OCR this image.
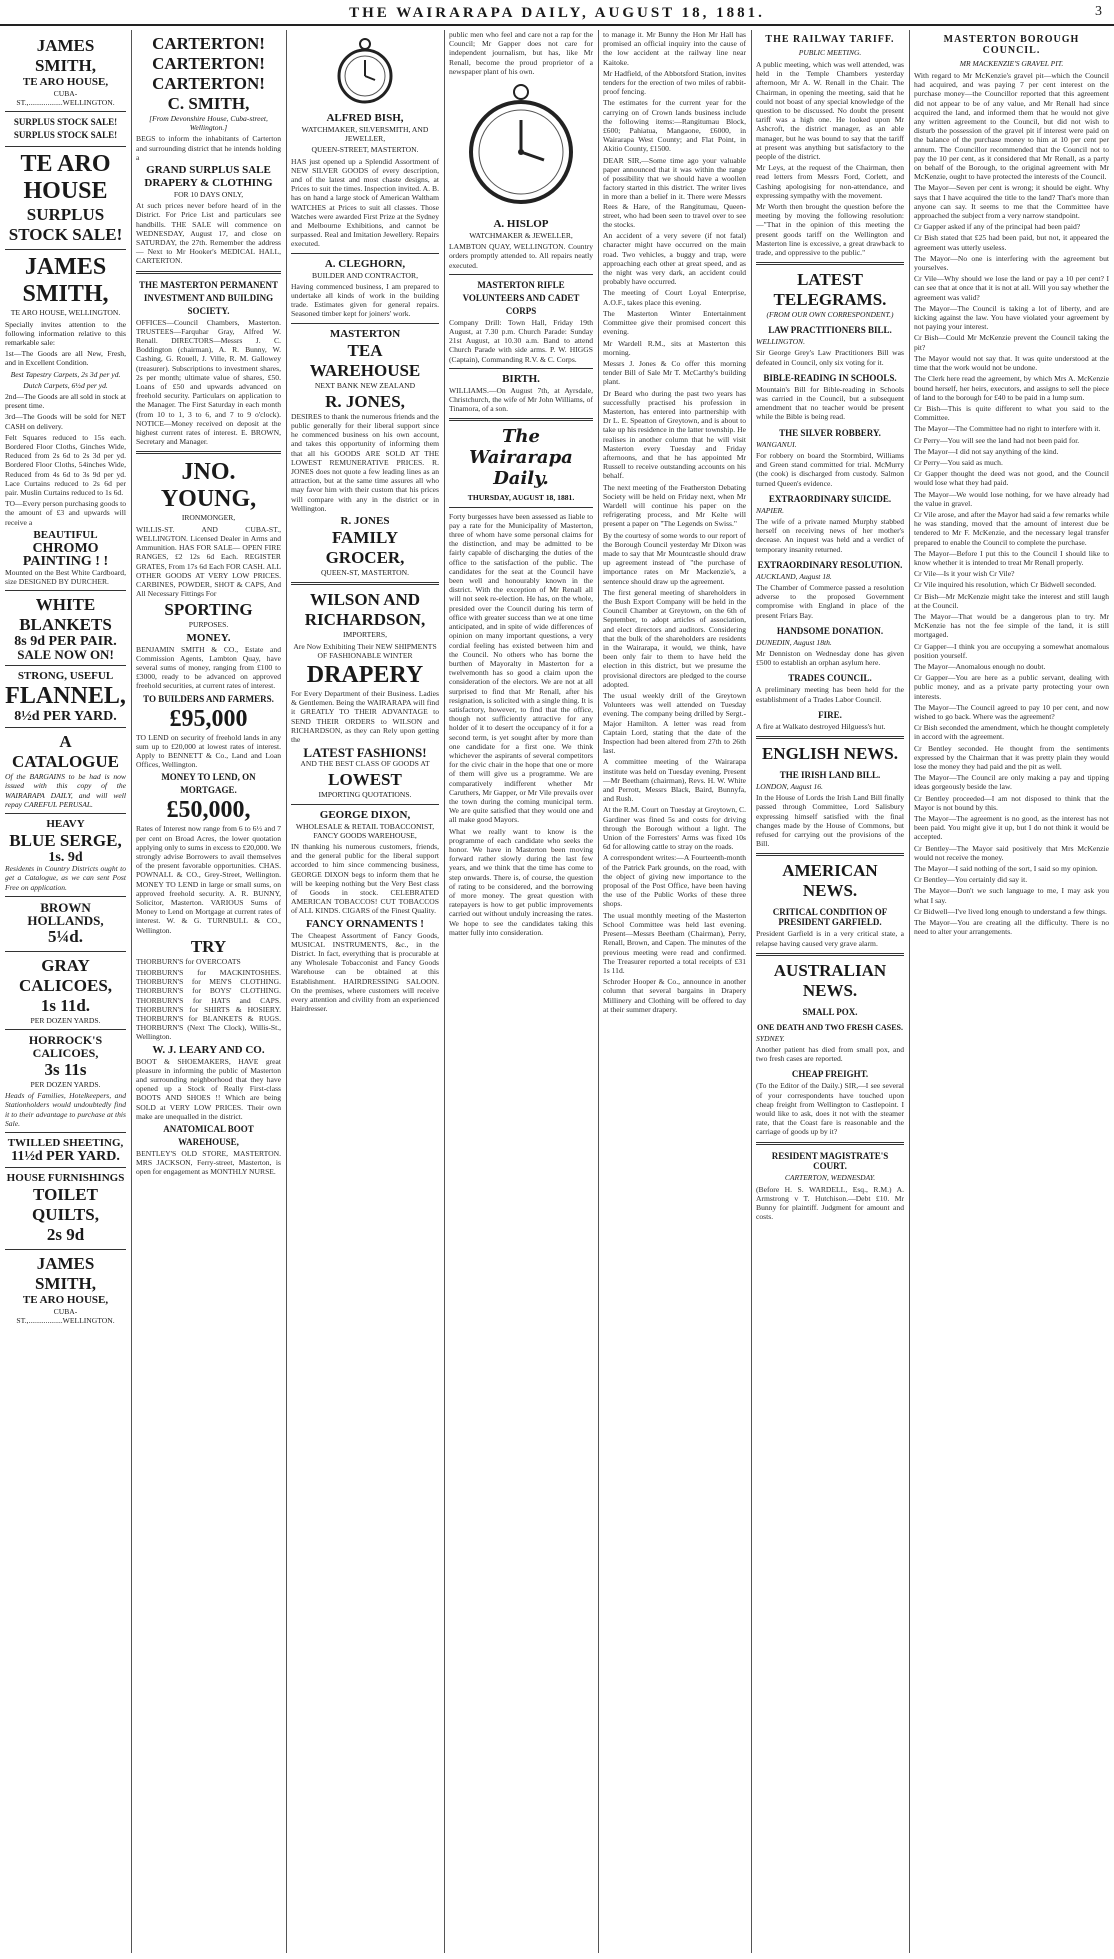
THE WAIRARAPA DAILY, AUGUST 18, 1881.	3
JAMES SMITH,
TE ARO HOUSE,

CUBA-ST.,..................WELLINGTON.

SURPLUS STOCK SALE! SURPLUS STOCK SALE!
TE ARO HOUSE
SURPLUS STOCK SALE!
JAMES SMITH,

TE ARO HOUSE, WELLINGTON.

Specially invites attention to the following information relative to this remarkable sale:

1st—The Goods are all New, Fresh, and in Excellent Condition.

Best Tapestry Carpets, 2s 3d per yd.

Dutch Carpets, 6½d per yd.

2nd—The Goods are all sold in stock at present time.

3rd—The Goods will be sold for NET CASH on delivery.

Felt Squares reduced to 15s each. Bordered Floor Cloths, Ginches Wide, Reduced from 2s 6d to 2s 3d per yd. Bordered Floor Cloths, 54inches Wide, Reduced from 4s 6d to 3s 9d per yd. Lace Curtains reduced to 2s 6d per pair. Muslin Curtains reduced to 1s 6d.

TO—Every person purchasing goods to the amount of £3 and upwards will receive a

BEAUTIFUL
CHROMO PAINTING ! !

Mounted on the Best White Cardboard, size DESIGNED BY DURCHER.

WHITE BLANKETS
8s 9d PER PAIR.
SALE NOW ON!
STRONG, USEFUL
FLANNEL,
8½d PER YARD.
A CATALOGUE

Of the BARGAINS to be had is now issued with this copy of the WAIRARAPA DAILY, and will well repay CAREFUL PERUSAL.

HEAVY
BLUE SERGE,
1s. 9d

Residents in Country Districts ought to get a Catalogue, as we can sent Post Free on application.

BROWN HOLLANDS,
5¼d.
GRAY CALICOES,
1s 11d.

PER DOZEN YARDS.

HORROCK'S CALICOES,
3s 11s

PER DOZEN YARDS.

Heads of Families, Hotelkeepers, and Stationholders would undoubtedly find it to their advantage to purchase at this Sale.

TWILLED SHEETING,
11½d PER YARD.
HOUSE FURNISHINGS
TOILET QUILTS,
2s 9d
JAMES SMITH,
TE ARO HOUSE,

CUBA-ST.,..................WELLINGTON.

CARTERTON!
CARTERTON! CARTERTON!
C. SMITH,

[From Devonshire House, Cuba-street, Wellington.]

BEGS to inform the inhabitants of Carterton and surrounding district that he intends holding a

GRAND SURPLUS SALE
DRAPERY & CLOTHING

FOR 10 DAYS ONLY,

At such prices never before heard of in the District. For Price List and particulars see handbills. THE SALE will commence on WEDNESDAY, August 17, and close on SATURDAY, the 27th. Remember the address— Next to Mr Hooker's MEDICAL HALL, CARTERTON.

THE MASTERTON PERMANENT INVESTMENT AND BUILDING SOCIETY.

OFFICES—Council Chambers, Masterton. TRUSTEES—Farquhar Gray, Alfred W. Renall. DIRECTORS—Messrs J. C. Boddington (chairman), A. R. Bunny, W. Cashing, G. Rouell, J. Ville, R. M. Gallowey (treasurer). Subscriptions to investment shares, 2s per month; ultimate value of shares, £50. Loans of £50 and upwards advanced on freehold security. Particulars on application to the Manager. The First Saturday in each month (from 10 to 1, 3 to 6, and 7 to 9 o'clock). NOTICE—Money received on deposit at the highest current rates of interest. E. BROWN, Secretary and Manager.

JNO. YOUNG,

IRONMONGER,

WILLIS-ST. AND CUBA-ST., WELLINGTON. Licensed Dealer in Arms and Ammunition. HAS FOR SALE— OPEN FIRE RANGES, £2 12s 6d Each. REGISTER GRATES, From 17s 6d Each FOR CASH. ALL OTHER GOODS AT VERY LOW PRICES. CARBINES, POWDER, SHOT & CAPS, And All Necessary Fittings For

SPORTING

PURPOSES.

MONEY.

BENJAMIN SMITH & CO., Estate and Commission Agents, Lambton Quay, have several sums of money, ranging from £100 to £3000, ready to be advanced on approved freehold securities, at current rates of interest.

TO BUILDERS AND FARMERS.
£95,000

TO LEND on security of freehold lands in any sum up to £20,000 at lowest rates of interest. Apply to BENNETT & Co., Land and Loan Offices, Wellington.

MONEY TO LEND, ON MORTGAGE.
£50,000,

Rates of Interest now range from 6 to 6½ and 7 per cent on Broad Acres, the lower quotation applying only to sums in excess to £20,000. We strongly advise Borrowers to avail themselves of the present favorable opportunities. CHAS. POWNALL & CO., Grey-Street, Wellington. MONEY TO LEND in large or small sums, on approved freehold security. A. R. BUNNY, Solicitor, Masterton. VARIOUS Sums of Money to Lend on Mortgage at current rates of interest. W. & G. TURNBULL & CO., Wellington.

TRY

THORBURN'S for OVERCOATS

THORBURN'S for MACKINTOSHES. THORBURN'S for MEN'S CLOTHING. THORBURN'S for BOYS' CLOTHING. THORBURN'S for HATS and CAPS. THORBURN'S for SHIRTS & HOSIERY. THORBURN'S for BLANKETS & RUGS. THORBURN'S (Next The Clock), Willis-St., Wellington.

W. J. LEARY AND CO.

BOOT & SHOEMAKERS, HAVE great pleasure in informing the public of Masterton and surrounding neighborhood that they have opened up a Stock of Really First-class BOOTS AND SHOES !! Which are being SOLD at VERY LOW PRICES. Their own make are unequalled in the district.

ANATOMICAL BOOT WAREHOUSE,

BENTLEY'S OLD STORE, MASTERTON. MRS JACKSON, Ferry-street, Masterton, is open for engagement as MONTHLY NURSE.

ALFRED BISH,

WATCHMAKER, SILVERSMITH, AND JEWELLER,

QUEEN-STREET, MASTERTON.

HAS just opened up a Splendid Assortment of NEW SILVER GOODS of every description, and of the latest and most chaste designs, at Prices to suit the times. Inspection invited. A. B. has on hand a large stock of American Waltham WATCHES at Prices to suit all classes. Those Watches were awarded First Prize at the Sydney and Melbourne Exhibitions, and cannot be surpassed. Real and Imitation Jewellery. Repairs executed.

A. CLEGHORN,

BUILDER AND CONTRACTOR,

Having commenced business, I am prepared to undertake all kinds of work in the building trade. Estimates given for general repairs. Seasoned timber kept for joiners' work.

MASTERTON
TEA WAREHOUSE

NEXT BANK NEW ZEALAND

R. JONES,

DESIRES to thank the numerous friends and the public generally for their liberal support since he commenced business on his own account, and takes this opportunity of informing them that all his GOODS ARE SOLD AT THE LOWEST REMUNERATIVE PRICES. R. JONES does not quote a few leading lines as an attraction, but at the same time assures all who may favor him with their custom that his prices will compare with any in the district or in Wellington.

R. JONES
FAMILY GROCER,

QUEEN-ST, MASTERTON.

WILSON AND RICHARDSON,

IMPORTERS,

Are Now Exhibiting Their NEW SHIPMENTS OF FASHIONABLE WINTER

DRAPERY

For Every Department of their Business. Ladies & Gentlemen. Being the WAIRARAPA will find it GREATLY TO THEIR ADVANTAGE to SEND THEIR ORDERS to WILSON and RICHARDSON, as they can Rely upon getting the

LATEST FASHIONS!

AND THE BEST CLASS OF GOODS AT

LOWEST

IMPORTING QUOTATIONS.

GEORGE DIXON,

WHOLESALE & RETAIL TOBACCONIST, FANCY GOODS WAREHOUSE,

IN thanking his numerous customers, friends, and the general public for the liberal support accorded to him since commencing business, GEORGE DIXON begs to inform them that he will be keeping nothing but the Very Best class of Goods in stock. CELEBRATED AMERICAN TOBACCOS! CUT TOBACCOS of ALL KINDS. CIGARS of the Finest Quality.

FANCY ORNAMENTS !

The Cheapest Assortment of Fancy Goods, MUSICAL INSTRUMENTS, &c., in the District. In fact, everything that is procurable at any Wholesale Tobacconist and Fancy Goods Warehouse can be obtained at this Establishment. HAIRDRESSING SALOON. On the premises, where customers will receive every attention and civility from an experienced Hairdresser.

public men who feel and care not a rap for the Council; Mr Gapper does not care for independent journalism, but has, like Mr Renall, become the proud proprietor of a newspaper plant of his own.

A. HISLOP

WATCHMAKER & JEWELLER,

LAMBTON QUAY, WELLINGTON. Country orders promptly attended to. All repairs neatly executed.

MASTERTON RIFLE VOLUNTEERS AND CADET CORPS

Company Drill: Town Hall, Friday 19th August, at 7.30 p.m. Church Parade: Sunday 21st August, at 10.30 a.m. Band to attend Church Parade with side arms. P. W. HIGGS (Captain), Commanding R.V. & C. Corps.

BIRTH.

WILLIAMS.—On August 7th, at Ayrsdale, Christchurch, the wife of Mr John Williams, of Tinamora, of a son.

The Wairarapa Daily.

THURSDAY, AUGUST 18, 1881.

Forty burgesses have been assessed as liable to pay a rate for the Municipality of Masterton, three of whom have some personal claims for the distinction, and may be admitted to be fairly capable of discharging the duties of the office to the satisfaction of the public. The candidates for the seat at the Council have been well and honourably known in the district. With the exception of Mr Renall all will not seek re-election. He has, on the whole, presided over the Council during his term of office with greater success than we at one time anticipated, and in spite of wide differences of opinion on many important questions, a very cordial feeling has existed between him and the Council. No others who has borne the burthen of Mayoralty in Masterton for a twelvemonth has so good a claim upon the consideration of the electors. We are not at all surprised to find that Mr Renall, after his resignation, is solicited with a single thing. It is satisfactory, however, to find that the office, though not sufficiently attractive for any holder of it to desert the occupancy of it for a second term, is yet sought after by more than one candidate for a first one. We think whichever the aspirants of several competitors for the civic chair in the hope that one or more of them will give us a programme. We are comparatively indifferent whether Mr Caruthers, Mr Gapper, or Mr Vile prevails over the town during the coming municipal term. We are quite satisfied that they would one and all make good Mayors.

What we really want to know is the programme of each candidate who seeks the honor. We have in Masterton been moving forward rather slowly during the last few years, and we think that the time has come to step onwards. There is, of course, the question of rating to be considered, and the borrowing of more money. The great question with ratepayers is how to get public improvements carried out without unduly increasing the rates. We hope to see the candidates taking this matter fully into consideration.

to manage it. Mr Bunny the Hon Mr Hall has promised an official inquiry into the cause of the low accident at the railway line near Kaitoke.

Mr Hadfield, of the Abbotsford Station, invites tenders for the erection of two miles of rabbit-proof fencing.

The estimates for the current year for the carrying on of Crown lands business include the following items:—Rangitumau Block, £600; Pahiatua, Mangaone, £6000, in Wairarapa West County; and Flat Point, in Akitio County, £1500.

DEAR SIR,—Some time ago your valuable paper announced that it was within the range of possibility that we should have a woollen factory started in this district. The writer lives in more than a belief in it. There were Messrs Rees & Hare, of the Rangitumau, Queen-street, who had been seen to travel over to see the stocks.

An accident of a very severe (if not fatal) character might have occurred on the main road. Two vehicles, a buggy and trap, were approaching each other at great speed, and as the night was very dark, an accident could probably have occurred.

The meeting of Court Loyal Enterprise, A.O.F., takes place this evening.

The Masterton Winter Entertainment Committee give their promised concert this evening.

Mr Wardell R.M., sits at Masterton this morning.

Messrs J. Jones & Co offer this morning tender Bill of Sale Mr T. McCarthy's building plant.

Dr Beard who during the past two years has successfully practised his profession in Masterton, has entered into partnership with Dr L. E. Speatton of Greytown, and is about to take up his residence in the latter township. He realises in another column that he will visit Masterton every Tuesday and Friday afternoons, and that he has appointed Mr Russell to receive outstanding accounts on his behalf.

The next meeting of the Featherston Debating Society will be held on Friday next, when Mr Wardell will continue his paper on the refrigerating process, and Mr Kelte will present a paper on "The Legends on Swiss."

By the courtesy of some words to our report of the Borough Council yesterday Mr Dixon was made to say that Mr Mountcastle should draw up agreement instead of "the purchase of importance rates on Mr Mackenzie's, a sentence should draw up the agreement.

The first general meeting of shareholders in the Bush Export Company will be held in the Council Chamber at Greytown, on the 6th of September, to adopt articles of association, and elect directors and auditors. Considering that the bulk of the shareholders are residents in the Wairarapa, it would, we think, have been only fair to them to have held the election in this district, but we presume the provisional directors are pledged to the course adopted.

The usual weekly drill of the Greytown Volunteers was well attended on Tuesday evening. The company being drilled by Sergt.-Major Hamilton. A letter was read from Captain Lord, stating that the date of the Inspection had been altered from 27th to 26th last.

A committee meeting of the Wairarapa institute was held on Tuesday evening. Present—Mr Beetham (chairman), Revs. H. W. White and Perrott, Messrs Black, Baird, Bunnyfa, and Rush.

At the R.M. Court on Tuesday at Greytown, C. Gardiner was fined 5s and costs for driving through the Borough without a light. The Union of the Forresters' Arms was fixed 10s 6d for allowing cattle to stray on the roads.

A correspondent writes:—A Fourteenth-month of the Patrick Park grounds, on the road, with the object of giving new importance to the proposal of the Post Office, have been having the use of the Public Works of these three shops.

The usual monthly meeting of the Masterton School Committee was held last evening. Present—Messrs Beetham (Chairman), Perry, Renall, Brown, and Capen. The minutes of the previous meeting were read and confirmed. The Treasurer reported a total receipts of £31 1s 11d.

Schroder Hooper & Co., announce in another column that several bargains in Drapery Millinery and Clothing will be offered to day at their summer drapery.

THE RAILWAY TARIFF.
PUBLIC MEETING.

A public meeting, which was well attended, was held in the Temple Chambers yesterday afternoon, Mr A. W. Renall in the Chair. The Chairman, in opening the meeting, said that he could not boast of any special knowledge of the question to be discussed. No doubt the present tariff was a high one. He looked upon Mr Ashcroft, the district manager, as an able manager, but he was bound to say that the tariff at present was anything but satisfactory to the people of the district.

Mr Leys, at the request of the Chairman, then read letters from Messrs Ford, Corlett, and Cashing apologising for non-attendance, and expressing sympathy with the movement.

Mr Worth then brought the question before the meeting by moving the following resolution:—"That in the opinion of this meeting the present goods tariff on the Wellington and Masterton line is excessive, a great drawback to trade, and oppressive to the public."

LATEST TELEGRAMS.
(FROM OUR OWN CORRESPONDENT.)
LAW PRACTITIONERS BILL.

WELLINGTON.

Sir George Grey's Law Practitioners Bill was defeated in Council, only six voting for it.

BIBLE-READING IN SCHOOLS.

Mountain's Bill for Bible-reading in Schools was carried in the Council, but a subsequent amendment that no teacher would be present while the Bible is being read.

THE SILVER ROBBERY.

WANGANUI.

For robbery on board the Stormbird, Williams and Green stand committed for trial. McMurry (the cook) is discharged from custody. Salmon turned Queen's evidence.

EXTRAORDINARY SUICIDE.

NAPIER.

The wife of a private named Murphy stabbed herself on receiving news of her mother's decease. An inquest was held and a verdict of temporary insanity returned.

EXTRAORDINARY RESOLUTION.

AUCKLAND, August 18.

The Chamber of Commerce passed a resolution adverse to the proposed Government compromise with England in place of the present Friars Bay.

HANDSOME DONATION.

DUNEDIN, August 18th.

Mr Denniston on Wednesday done has given £500 to establish an orphan asylum here.

TRADES COUNCIL.

A preliminary meeting has been held for the establishment of a Trades Labor Council.

FIRE.

A fire at Walkato destroyed Hilguess's hut.

ENGLISH NEWS.
THE IRISH LAND BILL.

LONDON, August 16.

In the House of Lords the Irish Land Bill finally passed through Committee, Lord Salisbury expressing himself satisfied with the final changes made by the House of Commons, but refused for carrying out the provisions of the Bill.

AMERICAN NEWS.
CRITICAL CONDITION OF PRESIDENT GARFIELD.

President Garfield is in a very critical state, a relapse having caused very grave alarm.

AUSTRALIAN NEWS.
SMALL POX.
ONE DEATH AND TWO FRESH CASES.

SYDNEY.

Another patient has died from small pox, and two fresh cases are reported.

CHEAP FREIGHT.

(To the Editor of the Daily.) SIR,—I see several of your correspondents have touched upon cheap freight from Wellington to Castlepoint. I would like to ask, does it not with the steamer rate, that the Coast fare is reasonable and the carriage of goods up by it?

RESIDENT MAGISTRATE'S COURT.
CARTERTON, WEDNESDAY.

(Before H. S. WARDELL, Esq., R.M.) A. Armstrong v T. Hutchison.—Debt £10. Mr Bunny for plaintiff. Judgment for amount and costs.

MASTERTON BOROUGH COUNCIL.
MR MACKENZIE'S GRAVEL PIT.

With regard to Mr McKenzie's gravel pit—which the Council had acquired, and was paying 7 per cent interest on the purchase money—the Councillor reported that this agreement did not appear to be of any value, and Mr Renall had since acquired the land, and informed them that he would not give any written agreement to the Council, but did not wish to disturb the possession of the gravel pit if interest were paid on the balance of the purchase money to him at 10 per cent per annum. The Councillor recommended that the Council not to pay the 10 per cent, as it considered that Mr Renall, as a party on behalf of the Borough, to the original agreement with Mr McKenzie, ought to have protected the interests of the Council.

The Mayor—Seven per cent is wrong; it should be eight. Why says that I have acquired the title to the land? That's more than anyone can say. It seems to me that the Committee have approached the subject from a very narrow standpoint.

Cr Gapper asked if any of the principal had been paid?

Cr Bish stated that £25 had been paid, but not, it appeared the agreement was utterly useless.

The Mayor—No one is interfering with the agreement but yourselves.

Cr Vile—Why should we lose the land or pay a 10 per cent? I can see that at once that it is not at all. Will you say whether the agreement was valid?

The Mayor—The Council is taking a lot of liberty, and are kicking against the law. You have violated your agreement by not paying your interest.

Cr Bish—Could Mr McKenzie prevent the Council taking the pit?

The Mayor would not say that. It was quite understood at the time that the work would not be undone.

The Clerk here read the agreement, by which Mrs A. McKenzie bound herself, her heirs, executors, and assigns to sell the piece of land to the borough for £40 to be paid in a lump sum.

Cr Bish—This is quite different to what you said to the Committee.

The Mayor—The Committee had no right to interfere with it.

Cr Perry—You will see the land had not been paid for.

The Mayor—I did not say anything of the kind.

Cr Perry—You said as much.

Cr Gapper thought the deed was not good, and the Council would lose what they had paid.

The Mayor—We would lose nothing, for we have already had the value in gravel.

Cr Vile arose, and after the Mayor had said a few remarks while he was standing, moved that the amount of interest due be tendered to Mr F. McKenzie, and the necessary legal transfer prepared to enable the Council to complete the purchase.

The Mayor—Before I put this to the Council I should like to know whether it is intended to treat Mr Renall properly.

Cr Vile—Is it your wish Cr Vile?

Cr Vile inquired his resolution, which Cr Bidwell seconded.

Cr Bish—Mr McKenzie might take the interest and still laugh at the Council.

The Mayor—That would be a dangerous plan to try. Mr McKenzie has not the fee simple of the land, it is still mortgaged.

Cr Gapper—I think you are occupying a somewhat anomalous position yourself.

The Mayor—Anomalous enough no doubt.

Cr Gapper—You are here as a public servant, dealing with public money, and as a private party protecting your own interests.

The Mayor—The Council agreed to pay 10 per cent, and now wished to go back. Where was the agreement?

Cr Bish seconded the amendment, which he thought completely in accord with the agreement.

Cr Bentley seconded. He thought from the sentiments expressed by the Chairman that it was pretty plain they would lose the money they had paid and the pit as well.

The Mayor—The Council are only making a pay and tipping ideas gorgeously beside the law.

Cr Bentley proceeded—I am not disposed to think that the Mayor is not bound by this.

The Mayor—The agreement is no good, as the interest has not been paid. You might give it up, but I do not think it would be accepted.

Cr Bentley—The Mayor said positively that Mrs McKenzie would not receive the money.

The Mayor—I said nothing of the sort, I said so my opinion.

Cr Bentley—You certainly did say it.

The Mayor—Don't we such language to me, I may ask you what I say.

Cr Bidwell—I've lived long enough to understand a few things.

The Mayor—You are creating all the difficulty. There is no need to alter your arrangements.
